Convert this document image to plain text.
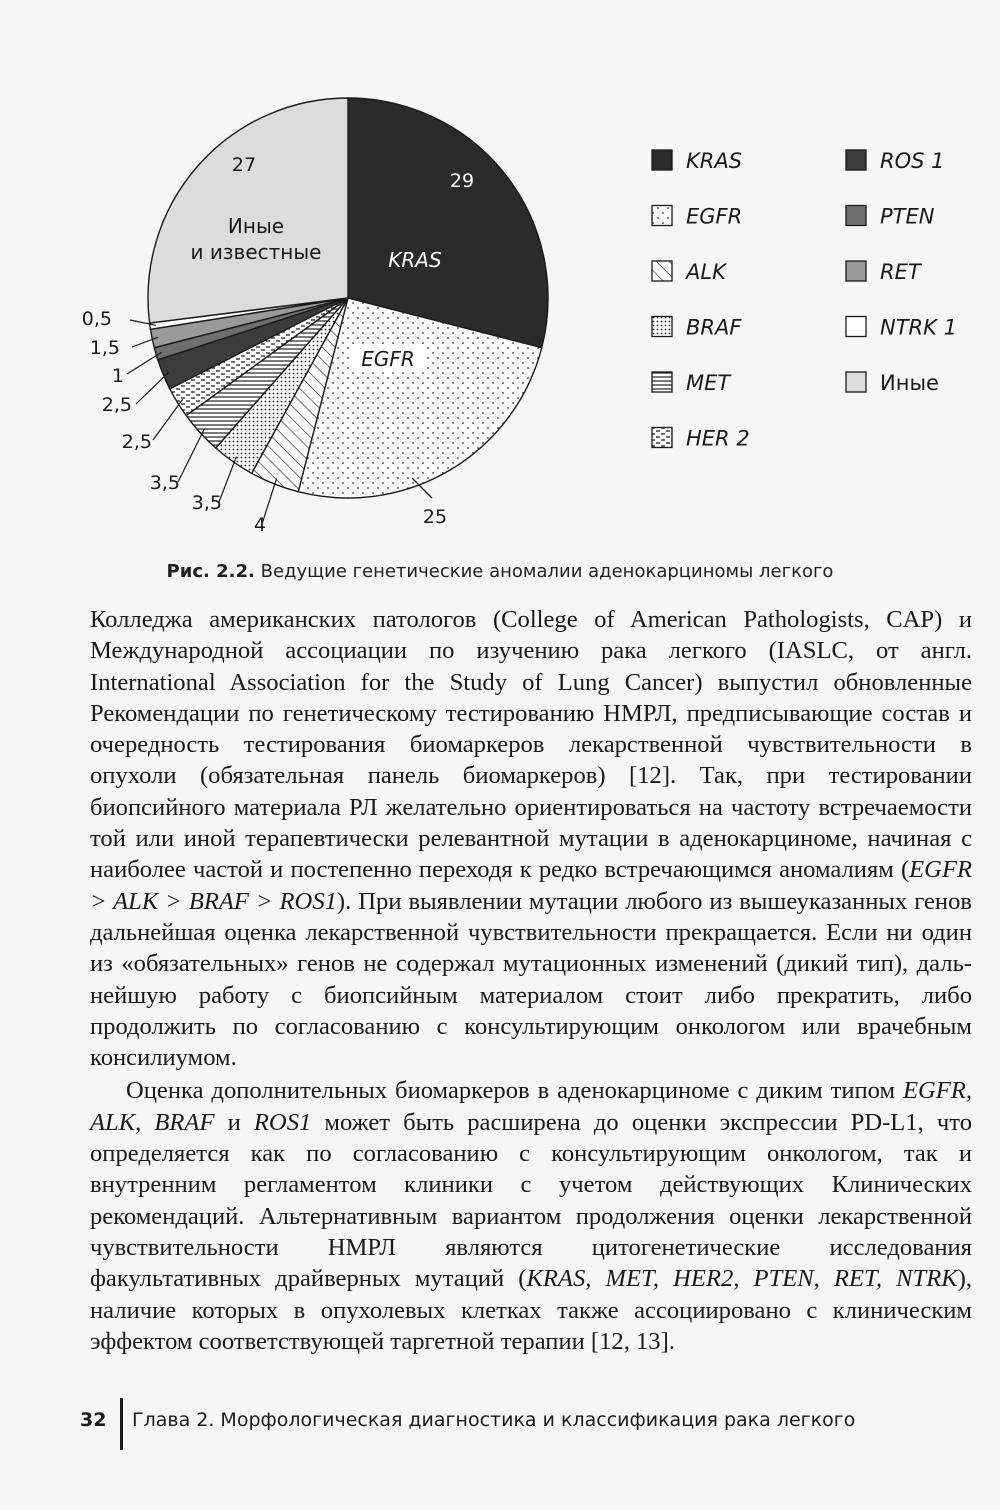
29
KRAS
EGFR
27
Иные
и известные
25
4
3,5
3,5
2,5
2,5
1
1,5
0,5
KRAS
EGFR
ALK
BRAF
MET
HER 2
ROS 1
PTEN
RET
NTRK 1
Иные
Рис. 2.2. Ведущие генетические аномалии аденокарциномы легкого

Колледжа американских патологов (College of American Pathologists, CAP) и Международной ассоциации по изучению рака легкого (IASLC, от англ. International Association for the Study of Lung Cancer) выпустил обновленные Рекомендации по генетическому тестированию НМРЛ, предписывающие состав и очередность тестирования биомаркеров лекарственной чувствительности в опухоли (обязательная панель биомаркеров) [12]. Так, при тестировании биопсийного материала РЛ желательно ориентироваться на частоту встречаемости той или иной терапевтически релевантной мутации в аденокарциноме, начиная с наиболее частой и постепенно переходя к редко встречающимся аномалиям (EGFR > ALK > BRAF > ROS1). При выявлении мутации любого из вышеуказанных генов дальнейшая оценка лекарственной чувствительности прекращается. Если ни один из «обязательных» генов не содержал мутационных изменений (дикий тип), дальнейшую работу с биопсийным материалом стоит либо прекратить, либо продолжить по согласованию с консультирующим онкологом или врачебным консилиумом.

Оценка дополнительных биомаркеров в аденокарциноме с диким типом EGFR, ALK, BRAF и ROS1 может быть расширена до оценки экспрессии PD-L1, что определяется как по согласованию с консультирующим онкологом, так и внутренним регламентом клиники с учетом действующих Клинических рекомендаций. Альтернативным вариантом продолжения оценки лекарственной чувствительности НМРЛ являются цитогенетические исследования факультативных драйверных мутаций (KRAS, MET, HER2, PTEN, RET, NTRK), наличие которых в опухолевых клетках также ассоциировано с клиническим эффектом соответствующей таргетной терапии [12, 13].

32 Глава 2. Морфологическая диагностика и классификация рака легкого
